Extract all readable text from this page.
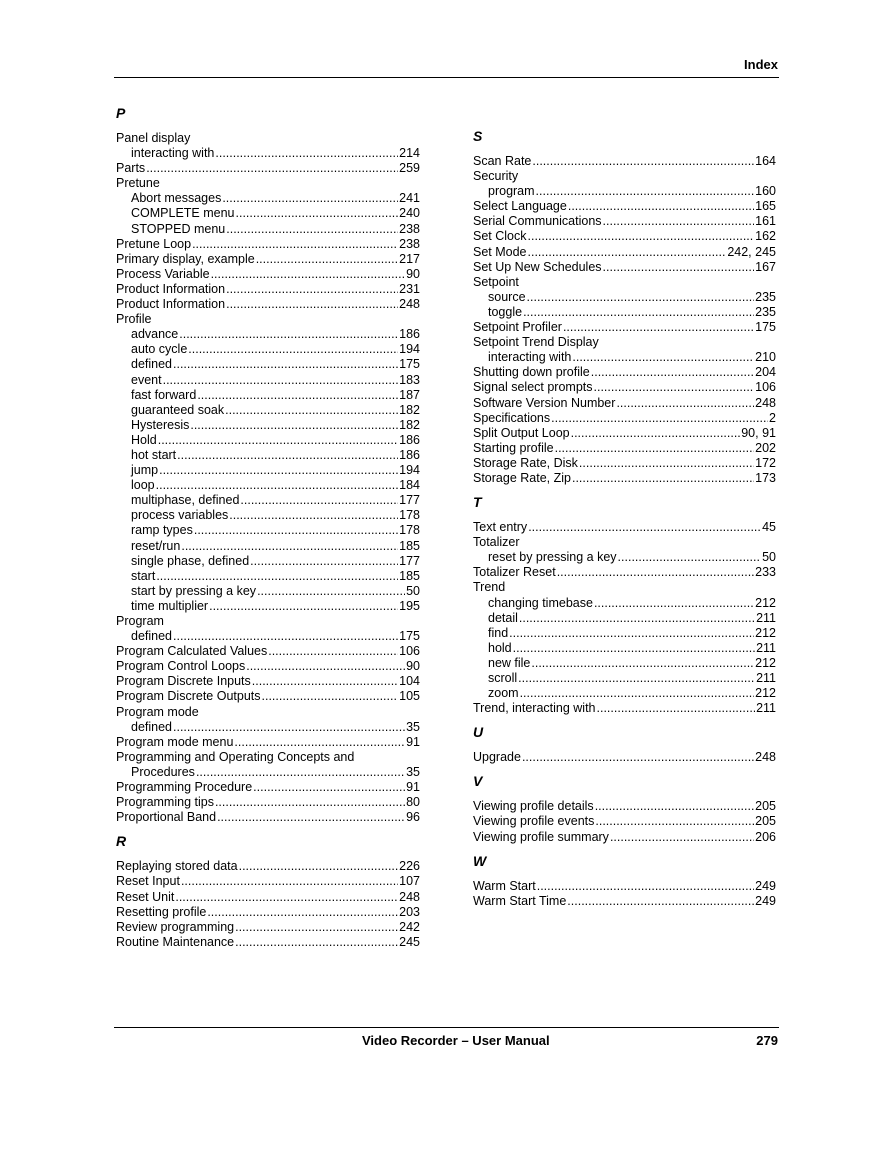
Index
P
Panel display
interacting with .....	214
Parts .....	259
Pretune
Abort messages .....	241
COMPLETE menu .....	240
STOPPED menu .....	238
Pretune Loop .....	238
Primary display, example .....	217
Process Variable .....	90
Product Information .....	231
Product Information .....	248
Profile
advance .....	186
auto cycle .....	194
defined .....	175
event .....	183
fast forward .....	187
guaranteed soak .....	182
Hysteresis .....	182
Hold .....	186
hot start .....	186
jump .....	194
loop .....	184
multiphase, defined .....	177
process variables .....	178
ramp types .....	178
reset/run .....	185
single phase, defined .....	177
start .....	185
start by pressing a key .....	50
time multiplier .....	195
Program
defined .....	175
Program Calculated Values .....	106
Program Control Loops .....	90
Program Discrete Inputs .....	104
Program Discrete Outputs .....	105
Program mode
defined .....	35
Program mode menu .....	91
Programming and Operating Concepts and
Procedures .....	35
Programming Procedure .....	91
Programming tips .....	80
Proportional Band .....	96
R
Replaying stored data .....	226
Reset Input .....	107
Reset Unit .....	248
Resetting profile .....	203
Review programming .....	242
Routine Maintenance .....	245
S
Scan Rate .....	164
Security
program .....	160
Select Language .....	165
Serial Communications .....	161
Set Clock .....	162
Set Mode .....	242, 245
Set Up New Schedules .....	167
Setpoint
source .....	235
toggle .....	235
Setpoint Profiler .....	175
Setpoint Trend Display
interacting with .....	210
Shutting down profile .....	204
Signal select prompts .....	106
Software Version Number .....	248
Specifications .....	2
Split Output Loop .....	90, 91
Starting profile .....	202
Storage Rate, Disk .....	172
Storage Rate, Zip .....	173
T
Text entry .....	45
Totalizer
reset by pressing a key .....	50
Totalizer Reset .....	233
Trend
changing timebase .....	212
detail .....	211
find .....	212
hold .....	211
new file .....	212
scroll .....	211
zoom .....	212
Trend, interacting with .....	211
U
Upgrade .....	248
V
Viewing profile details .....	205
Viewing profile events .....	205
Viewing profile summary .....	206
W
Warm Start .....	249
Warm Start Time .....	249
Video Recorder – User Manual	279
